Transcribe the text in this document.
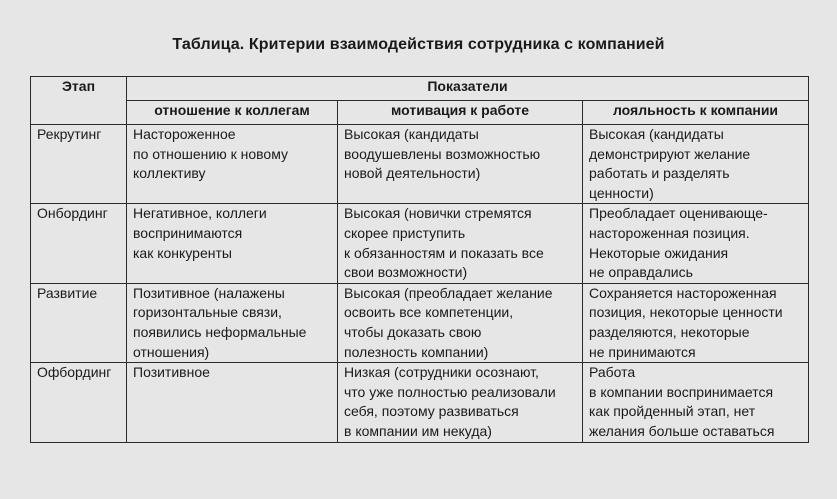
Таблица. Критерии взаимодействия сотрудника с компанией
Этап	Показатели		
	отношение к коллегам	мотивация к работе	лояльность к компании
Рекрутинг	Настороженное
по отношению к новому
коллективу	Высокая (кандидаты
воодушевлены возможностью
новой деятельности)	Высокая (кандидаты
демонстрируют желание
работать и разделять
ценности)

Онбординг	Негативное, коллеги
воспринимаются
как конкуренты	Высокая (новички стремятся
скорее приступить
к обязанностям и показать все
свои возможности)	Преобладает оценивающе-
настороженная позиция.
Некоторые ожидания
не оправдались

Развитие	Позитивное (налажены
горизонтальные связи,
появились неформальные
отношения)	Высокая (преобладает желание
освоить все компетенции,
чтобы доказать свою
полезность компании)	Сохраняется настороженная
позиция, некоторые ценности
разделяются, некоторые
не принимаются

Офбординг	Позитивное	Низкая (сотрудники осознают,
что уже полностью реализовали
себя, поэтому развиваться
в компании им некуда)	Работа
в компании воспринимается
как пройденный этап, нет
желания больше оставаться
